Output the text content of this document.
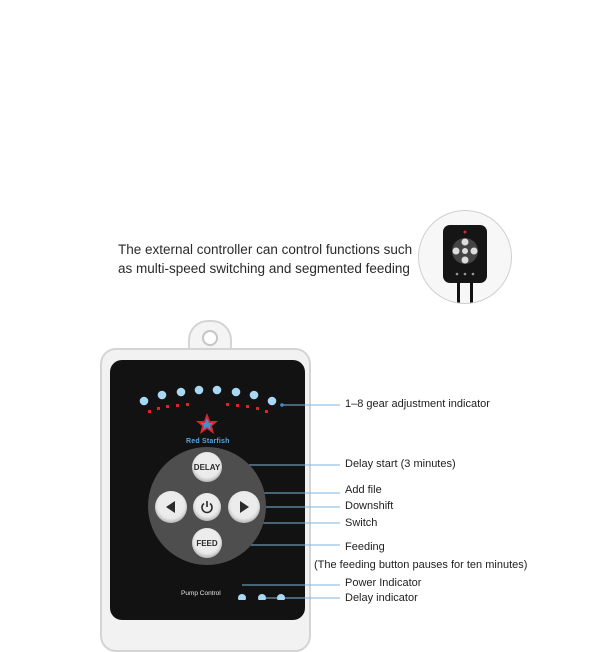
The external controller can control functions such
as multi-speed switching and segmented feeding
Red Starfish
DELAY
FEED
Pump Control
1–8 gear adjustment indicator
Delay start (3 minutes)
Add file
Downshift
Switch
Feeding
(The feeding button pauses for ten minutes)
Power Indicator
Delay indicator
